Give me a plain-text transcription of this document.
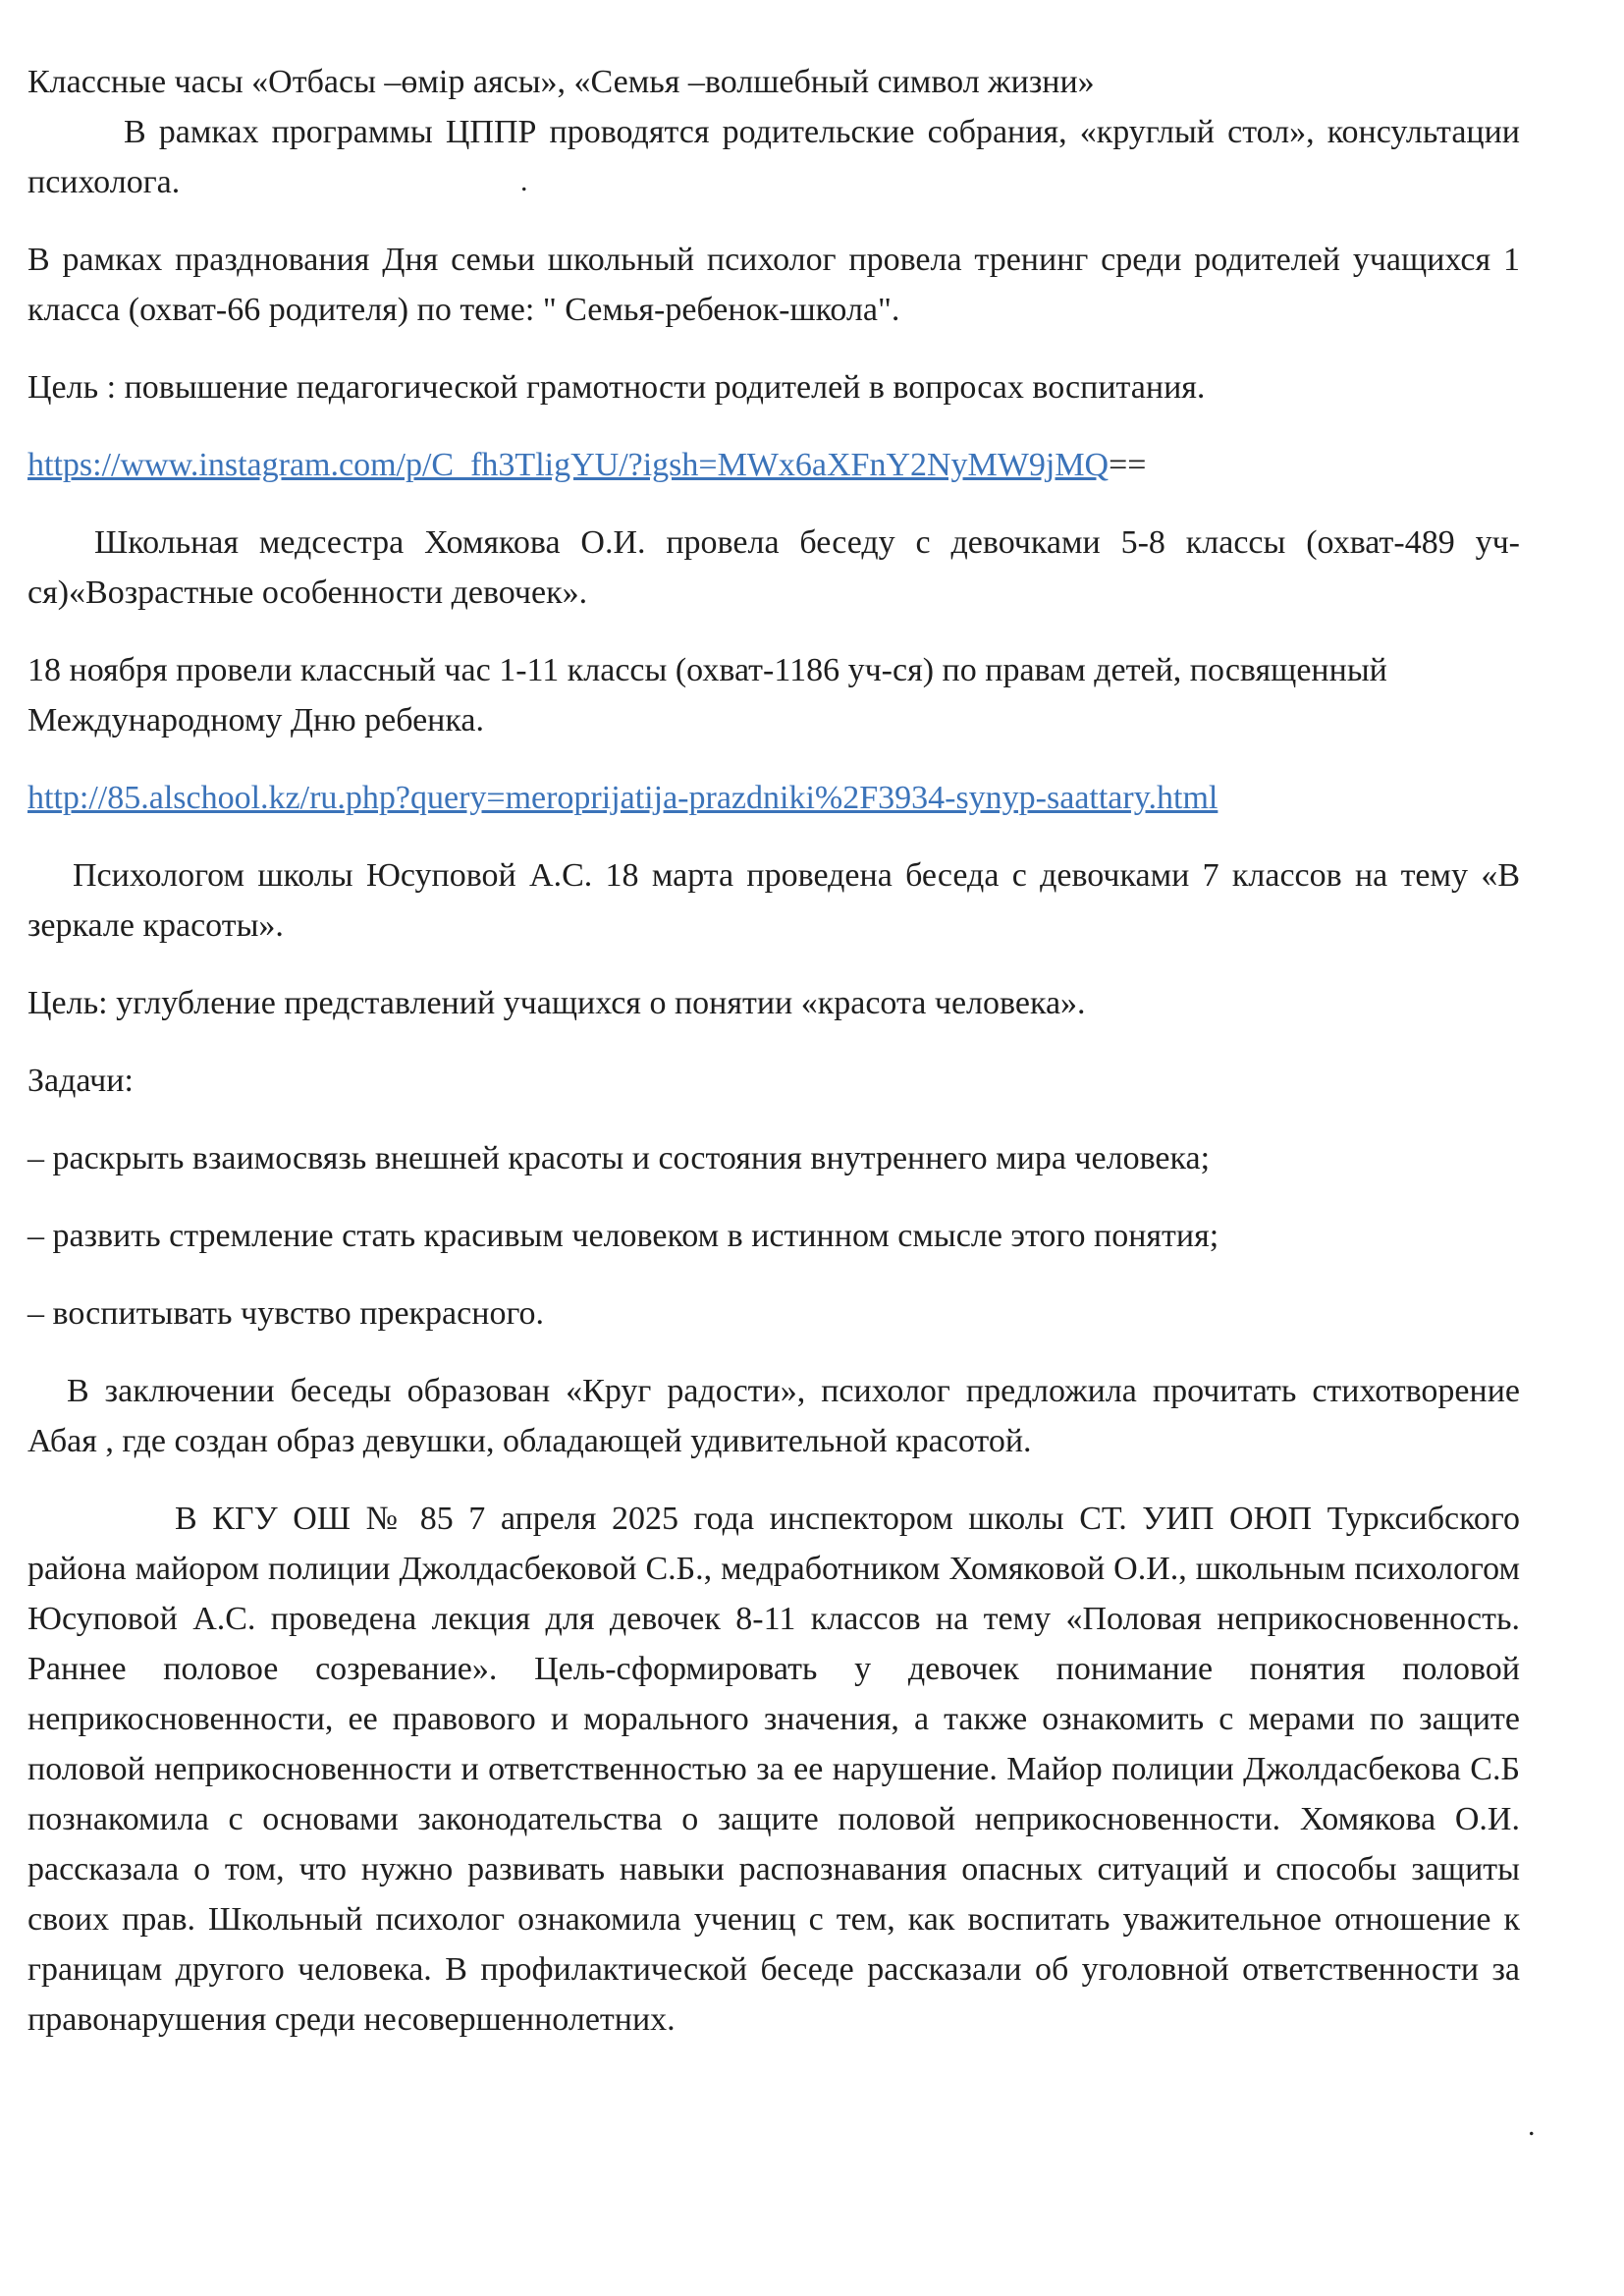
Классные часы «Отбасы –өмір аясы», «Семья –волшебный символ жизни»

В рамках программы ЦППР проводятся родительские собрания, «круглый стол», консультации психолога.

В рамках празднования Дня семьи школьный психолог провела тренинг среди родителей учащихся 1 класса (охват-66 родителя) по теме: " Семья-ребенок-школа".

Цель : повышение педагогической грамотности родителей в вопросах воспитания.

https://www.instagram.com/p/C_fh3TligYU/?igsh=MWx6aXFnY2NyMW9jMQ==

Школьная медсестра Хомякова О.И. провела беседу с девочками 5-8 классы (охват-489 уч-ся)«Возрастные особенности девочек».

18 ноября провели классный час 1-11 классы (охват-1186 уч-ся) по правам детей, посвященный Международному Дню ребенка.

http://85.alschool.kz/ru.php?query=meroprijatija-prazdniki%2F3934-synyp-saattary.html

Психологом школы Юсуповой А.С. 18 марта проведена беседа с девочками 7 классов на тему «В зеркале красоты».

Цель: углубление представлений учащихся о понятии «красота человека».

Задачи:

– раскрыть взаимосвязь внешней красоты и состояния внутреннего мира человека;

– развить стремление стать красивым человеком в истинном смысле этого понятия;

– воспитывать чувство прекрасного.

В заключении беседы образован «Круг радости», психолог предложила прочитать стихотворение Абая , где создан образ девушки, обладающей удивительной красотой.

В КГУ ОШ № 85 7 апреля 2025 года инспектором школы СТ. УИП ОЮП Турксибского района майором полиции Джолдасбековой С.Б., медработником Хомяковой О.И., школьным психологом Юсуповой А.С. проведена лекция для девочек 8-11 классов на тему «Половая неприкосновенность. Раннее половое созревание». Цель-сформировать у девочек понимание понятия половой неприкосновенности, ее правового и морального значения, а также ознакомить с мерами по защите половой неприкосновенности и ответственностью за ее нарушение. Майор полиции Джолдасбекова С.Б познакомила с основами законодательства о защите половой неприкосновенности. Хомякова О.И. рассказала о том, что нужно развивать навыки распознавания опасных ситуаций и способы защиты своих прав. Школьный психолог ознакомила учениц с тем, как воспитать уважительное отношение к границам другого человека. В профилактической беседе рассказали об уголовной ответственности за правонарушения среди несовершеннолетних.

.
.
